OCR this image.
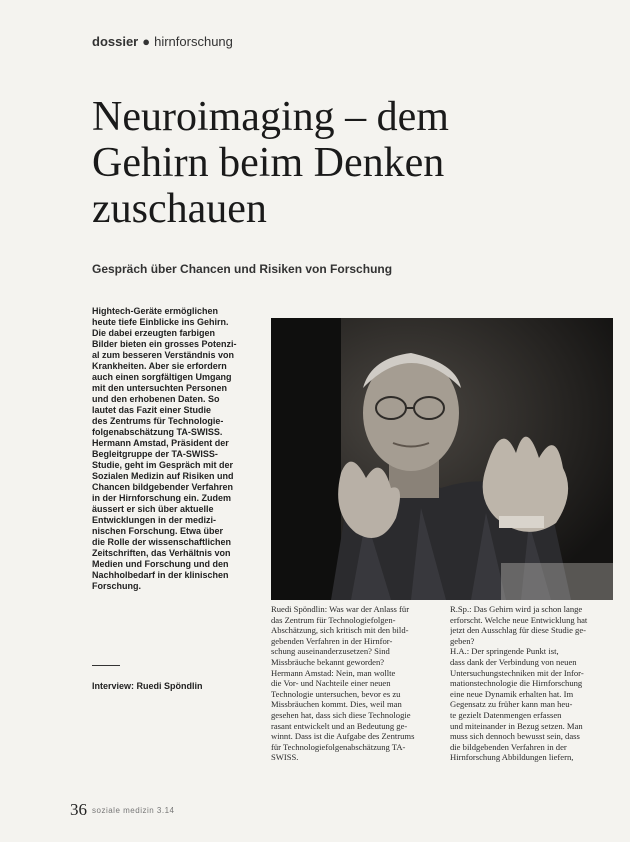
dossier ● hirnforschung
Neuroimaging – dem
Gehirn beim Denken
zuschauen
Gespräch über Chancen und Risiken von Forschung
Hightech-Geräte ermöglichen
heute tiefe Einblicke ins Gehirn.
Die dabei erzeugten farbigen
Bilder bieten ein grosses Potenzi-
al zum besseren Verständnis von
Krankheiten. Aber sie erfordern
auch einen sorgfältigen Umgang
mit den untersuchten Personen
und den erhobenen Daten. So
lautet das Fazit einer Studie
des Zentrums für Technologie-
folgenabschätzung TA-SWISS.
Hermann Amstad, Präsident der
Begleitgruppe der TA-SWISS-
Studie, geht im Gespräch mit der
Sozialen Medizin auf Risiken und
Chancen bildgebender Verfahren
in der Hirnforschung ein. Zudem
äussert er sich über aktuelle
Entwicklungen in der medizi-
nischen Forschung. Etwa über
die Rolle der wissenschaftlichen
Zeitschriften, das Verhältnis von
Medien und Forschung und den
Nachholbedarf in der klinischen
Forschung.
Interview: Ruedi Spöndlin
Ruedi Spöndlin: Was war der Anlass für
das Zentrum für Technologiefolgen-
Abschätzung, sich kritisch mit den bild-
gebenden Verfahren in der Hirnfor-
schung auseinanderzusetzen? Sind
Missbräuche bekannt geworden?
Hermann Amstad: Nein, man wollte
die Vor- und Nachteile einer neuen
Technologie untersuchen, bevor es zu
Missbräuchen kommt. Dies, weil man
gesehen hat, dass sich diese Technologie
rasant entwickelt und an Bedeutung ge-
winnt. Dass ist die Aufgabe des Zentrums
für Technologiefolgenabschätzung TA-
SWISS.
R.Sp.: Das Gehirn wird ja schon lange
erforscht. Welche neue Entwicklung hat
jetzt den Ausschlag für diese Studie ge-
geben?
H.A.: Der springende Punkt ist,
dass dank der Verbindung von neuen
Untersuchungstechniken mit der Infor-
mationstechnologie die Hirnforschung
eine neue Dynamik erhalten hat. Im
Gegensatz zu früher kann man heu-
te gezielt Datenmengen erfassen
und miteinander in Bezug setzen. Man
muss sich dennoch bewusst sein, dass
die bildgebenden Verfahren in der
Hirnforschung Abbildungen liefern,
36 soziale medizin 3.14
